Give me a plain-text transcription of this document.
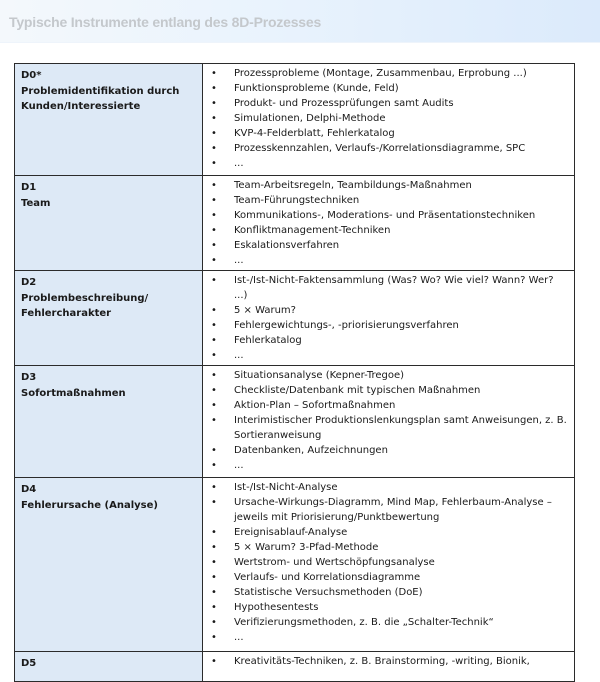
Typische Instrumente entlang des 8D-Prozesses
D0*
Problemidentifikation durch Kunden/Interessierte

• Prozessprobleme (Montage, Zusammenbau, Erprobung ...)
• Funktionsprobleme (Kunde, Feld)
• Produkt- und Prozessprüfungen samt Audits
• Simulationen, Delphi-Methode
• KVP-4-Felderblatt, Fehlerkatalog
• Prozesskennzahlen, Verlaufs-/Korrelationsdiagramme, SPC
• ...

D1
Team

• Team-Arbeitsregeln, Teambildungs-Maßnahmen
• Team-Führungstechniken
• Kommunikations-, Moderations- und Präsentationstechniken
• Konfliktmanagement-Techniken
• Eskalationsverfahren
• ...

D2
Problembeschreibung/ Fehlercharakter

• Ist-/Ist-Nicht-Faktensammlung (Was? Wo? Wie viel? Wann? Wer? ...)
• 5 × Warum?
• Fehlergewichtungs-, -priorisierungsverfahren
• Fehlerkatalog
• ...

D3
Sofortmaßnahmen

• Situationsanalyse (Kepner-Tregoe)
• Checkliste/Datenbank mit typischen Maßnahmen
• Aktion-Plan – Sofortmaßnahmen
• Interimistischer Produktionslenkungsplan samt Anweisungen, z. B. Sortieranweisung
• Datenbanken, Aufzeichnungen
• ...

D4
Fehlerursache (Analyse)

• Ist-/Ist-Nicht-Analyse
• Ursache-Wirkungs-Diagramm, Mind Map, Fehlerbaum-Analyse – jeweils mit Priorisierung/Punktbewertung
• Ereignisablauf-Analyse
• 5 × Warum? 3-Pfad-Methode
• Wertstrom- und Wertschöpfungsanalyse
• Verlaufs- und Korrelationsdiagramme
• Statistische Versuchsmethoden (DoE)
• Hypothesentests
• Verifizierungsmethoden, z. B. die „Schalter-Technik“
• ...

D5	• Kreativitäts-Techniken, z. B. Brainstorming, -writing, Bionik,
